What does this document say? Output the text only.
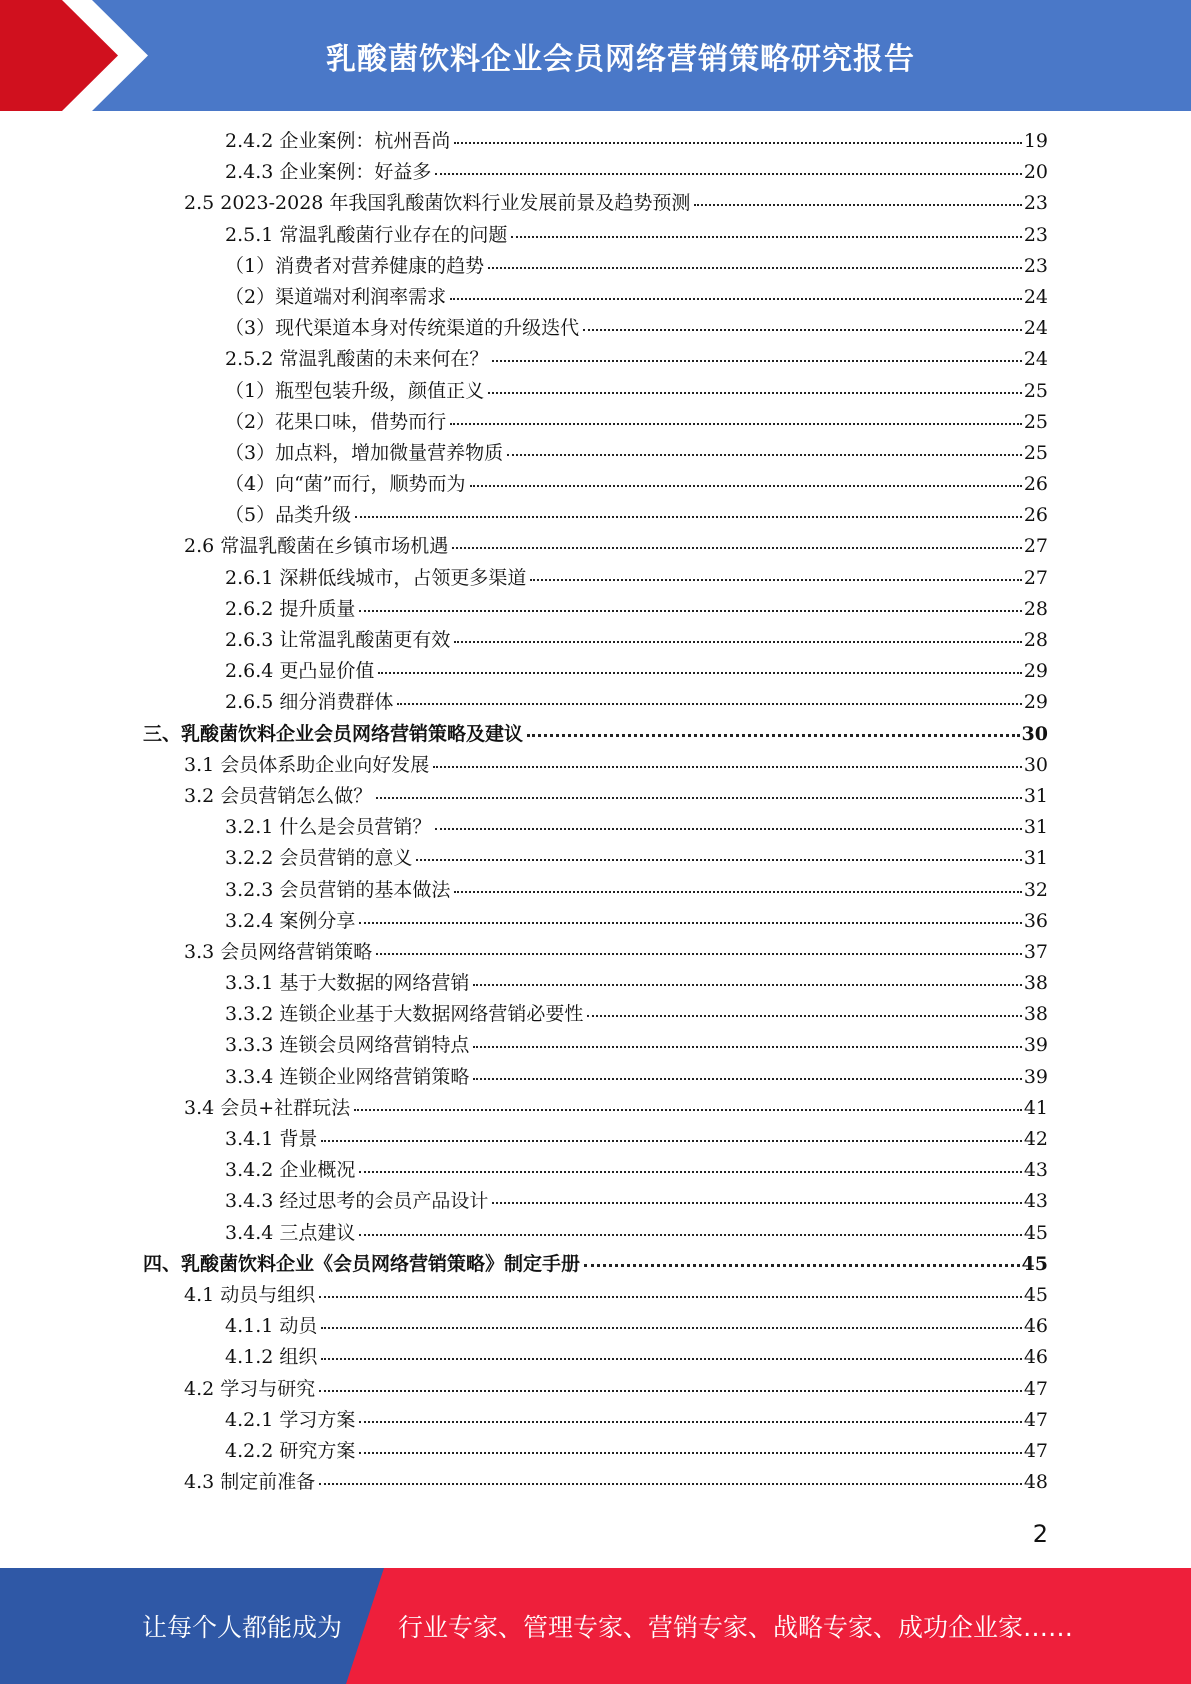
乳酸菌饮料企业会员网络营销策略研究报告
2.4.2 企业案例：杭州吾尚	19
2.4.3 企业案例：好益多	20
2.5 2023-2028 年我国乳酸菌饮料行业发展前景及趋势预测	23
2.5.1 常温乳酸菌行业存在的问题	23
（1）消费者对营养健康的趋势	23
（2）渠道端对利润率需求	24
（3）现代渠道本身对传统渠道的升级迭代	24
2.5.2 常温乳酸菌的未来何在？	24
（1）瓶型包装升级，颜值正义	25
（2）花果口味，借势而行	25
（3）加点料，增加微量营养物质	25
（4）向“菌”而行，顺势而为	26
（5）品类升级	26
2.6 常温乳酸菌在乡镇市场机遇	27
2.6.1 深耕低线城市，占领更多渠道	27
2.6.2 提升质量	28
2.6.3 让常温乳酸菌更有效	28
2.6.4 更凸显价值	29
2.6.5 细分消费群体	29
三、乳酸菌饮料企业会员网络营销策略及建议	30
3.1 会员体系助企业向好发展	30
3.2 会员营销怎么做？	31
3.2.1 什么是会员营销？	31
3.2.2 会员营销的意义	31
3.2.3 会员营销的基本做法	32
3.2.4 案例分享	36
3.3 会员网络营销策略	37
3.3.1 基于大数据的网络营销	38
3.3.2 连锁企业基于大数据网络营销必要性	38
3.3.3 连锁会员网络营销特点	39
3.3.4 连锁企业网络营销策略	39
3.4 会员+社群玩法	41
3.4.1 背景	42
3.4.2 企业概况	43
3.4.3 经过思考的会员产品设计	43
3.4.4 三点建议	45
四、乳酸菌饮料企业《会员网络营销策略》制定手册	45
4.1 动员与组织	45
4.1.1 动员	46
4.1.2 组织	46
4.2 学习与研究	47
4.2.1 学习方案	47
4.2.2 研究方案	47
4.3 制定前准备	48
2
让每个人都能成为 行业专家、管理专家、营销专家、战略专家、成功企业家……
